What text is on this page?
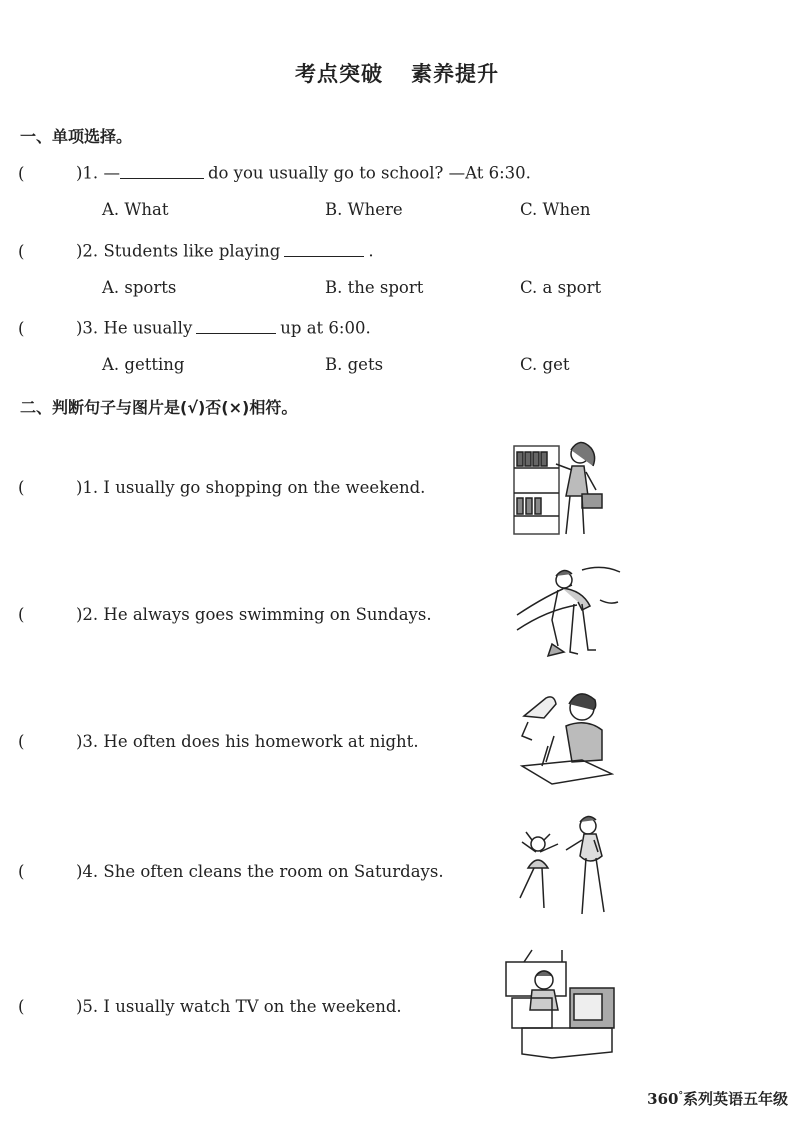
考点突破 素养提升
一、单项选择。
(	)1. —	do you usually go to school? —At 6:30.
A. What	B. Where	C. When
(	)2. Students like playing	.
A. sports	B. the sport	C. a sport
(	)3. He usually	up at 6:00.
A. getting	B. gets	C. get
二、判断句子与图片是(√)否(×)相符。
(	)1. I usually go shopping on the weekend.
(	)2. He always goes swimming on Sundays.
(	)3. He often does his homework at night.
(	)4. She often cleans the room on Saturdays.
(	)5. I usually watch TV on the weekend.
360°系列英语五年级
